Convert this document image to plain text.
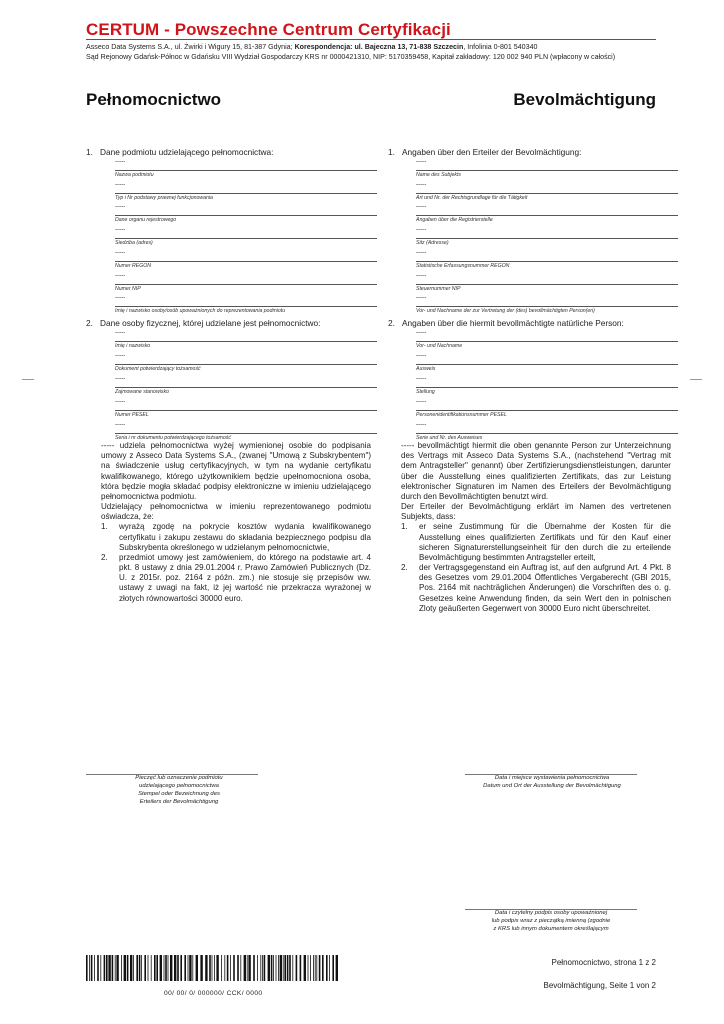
CERTUM - Powszechne Centrum Certyfikacji
Asseco Data Systems S.A., ul. Żwirki i Wigury 15, 81-387 Gdynia; Korespondencja: ul. Bajeczna 13, 71-838 Szczecin, Infolinia 0-801 540340
Sąd Rejonowy Gdańsk-Północ w Gdańsku VIII Wydział Gospodarczy KRS nr 0000421310, NIP: 5170359458, Kapitał zakładowy: 120 002 940 PLN (wpłacony w całości)
Pełnomocnictwo	Bevolmächtigung
1. Dane podmiotu udzielającego pełnomocnictwa:
-----
Nazwa podmiotu
-----
Typ i Nr podstawy prawnej funkcjonowania
-----
Dane organu rejestrowego
-----
Siedziba (adres)
-----
Numer REGON
-----
Numer NIP
-----
Imię i nazwisko osoby/osób upoważnionych do reprezentowania podmiotu
2. Dane osoby fizycznej, której udzielane jest pełnomocnictwo:
-----
Imię i nazwisko
-----
Dokument potwierdzający tożsamość
-----
Zajmowane stanowisko
-----
Numer PESEL
-----
Seria i nr dokumentu potwierdzającego tożsamość

----- udziela pełnomocnictwa wyżej wymienionej osobie do podpisania umowy z Asseco Data Systems S.A., (zwanej "Umową z Subskrybentem") na świadczenie usług certyfikacyjnych, w tym na wydanie certyfikatu kwalifikowanego, którego użytkownikiem będzie upełnomocniona osoba, która będzie mogła składać podpisy elektroniczne w imieniu udzielającego pełnomocnictwa podmiotu.

Udzielający pełnomocnictwa w imieniu reprezentowanego podmiotu oświadcza, że:

1. wyrażą zgodę na pokrycie kosztów wydania kwalifikowanego certyfikatu i zakupu zestawu do składania bezpiecznego podpisu dla Subskrybenta określonego w udzielanym pełnomocnictwie,
2. przedmiot umowy jest zamówieniem, do którego na podstawie art. 4 pkt. 8 ustawy z dnia 29.01.2004 r. Prawo Zamówień Publicznych (Dz. U. z 2015r. poz. 2164 z późn. zm.) nie stosuje się przepisów ww. ustawy z uwagi na fakt, iż jej wartość nie przekracza wyrażonej w złotych równowartości 30000 euro.
1. Angaben über den Erteiler der Bevolmächtigung:
-----
Name des Subjekts
-----
Art und Nr. der Rechtsgrundlage für die Tätigkeit
-----
Angaben über die Registrierstelle
-----
Sitz (Adresse)
-----
Statistische Erfassungsnummer REGON
-----
Steuernummer NIP
-----
Vor- und Nachname der zur Vertretung der (des) bevollmächtigten Person(en)
2. Angaben über die hiermit bevollmächtigte natürliche Person:
-----
Vor- und Nachname
-----
Ausweis
-----
Stellung
-----
Personenidentifikationsnummer PESEL
-----
Serie und Nr. des Ausweises

----- bevollmächtigt hiermit die oben genannte Person zur Unterzeichnung des Vertrags mit Asseco Data Systems S.A., (nachstehend "Vertrag mit dem Antragsteller" genannt) über Zertifizierungsdienstleistungen, darunter über die Ausstellung eines qualifizierten Zertifikats, das zur Leistung elektronischer Signaturen im Namen des Erteilers der Bevolmächtigung durch den Bevollmächtigten benutzt wird.

Der Erteiler der Bevolmächtigung erklärt im Namen des vertretenen Subjekts, dass:

1. er seine Zustimmung für die Übernahme der Kosten für die Ausstellung eines qualifizierten Zertifikats und für den Kauf einer sicheren Signaturerstellungseinheit für den durch die zu erteilende Bevolmächtigung bestimmten Antragsteller erteilt,
2. der Vertragsgegenstand ein Auftrag ist, auf den aufgrund Art. 4 Pkt. 8 des Gesetzes vom 29.01.2004 Öffentliches Vergaberecht (GBl 2015, Pos. 2164 mit nachträglichen Änderungen) die Vorschriften des o. g. Gesetzes keine Anwendung finden, da sein Wert den in polnischen Zloty geäußerten Gegenwert von 30000 Euro nicht überschreitet.
Pieczęć lub oznaczenie podmiotu
udzielającego pełnomocnictwa
Stempel oder Bezeichnung des
Erteilers der Bevolmächtigung
Data i miejsce wystawienia pełnomocnictwa
Datum und Ort der Ausstellung der Bevolmächtigung
Data i czytelny podpis osoby upoważnionej
lub podpis wraz z pieczątką imienną (zgodnie
z KRS lub innym dokumentem określającym
00/ 00/ 0/ 000000/ CCK/ 0000
Pełnomocnictwo, strona 1 z 2
Bevolmächtigung, Seite 1 von 2
